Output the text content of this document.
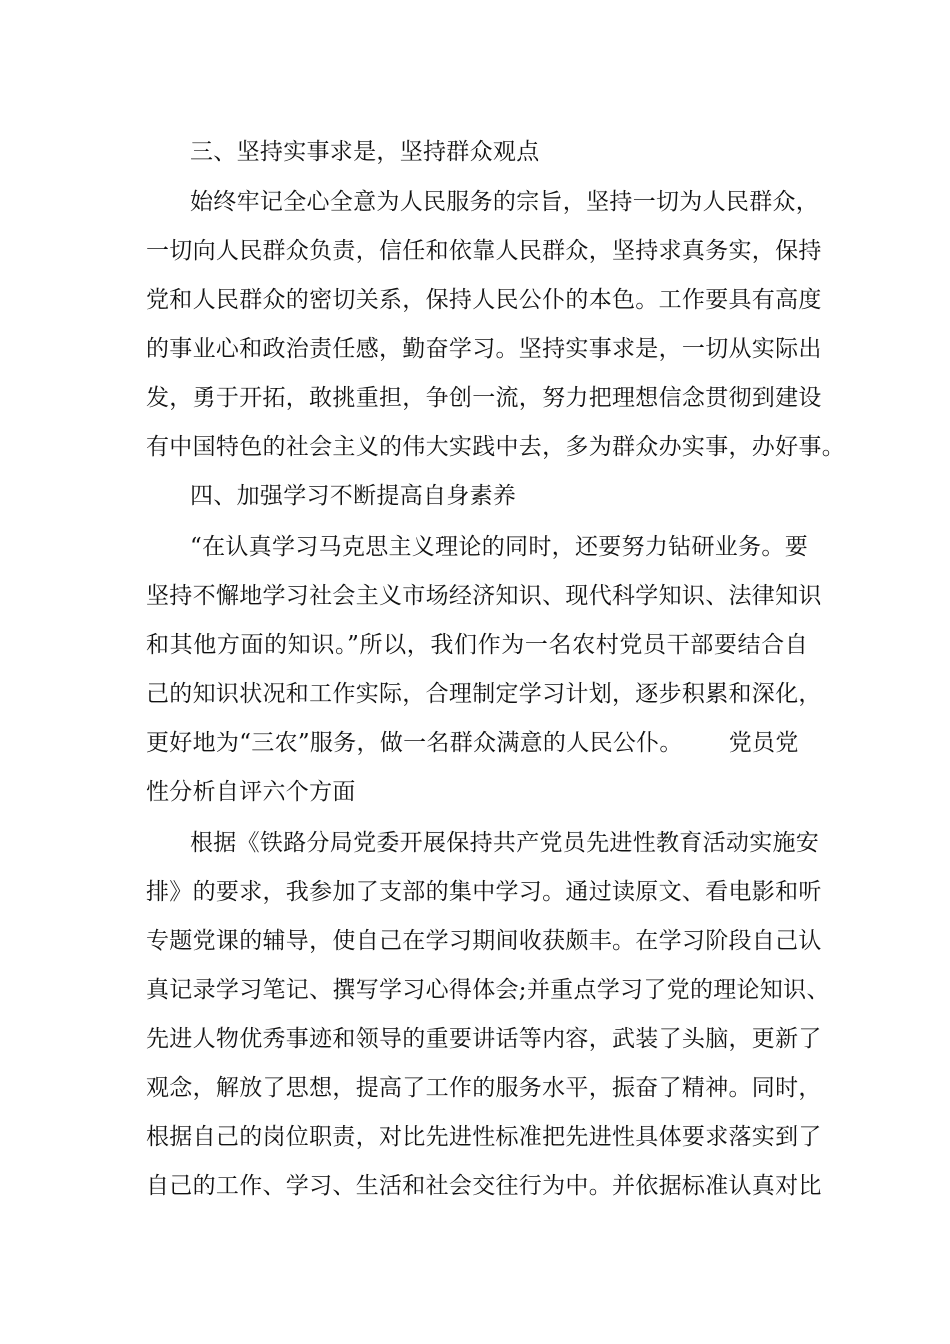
三、坚持实事求是，坚持群众观点
始终牢记全心全意为人民服务的宗旨，坚持一切为人民群众，
一切向人民群众负责，信任和依靠人民群众，坚持求真务实，保持
党和人民群众的密切关系，保持人民公仆的本色。工作要具有高度
的事业心和政治责任感，勤奋学习。坚持实事求是，一切从实际出
发，勇于开拓，敢挑重担，争创一流，努力把理想信念贯彻到建设
有中国特色的社会主义的伟大实践中去，多为群众办实事，办好事。
四、加强学习不断提高自身素养
“在认真学习马克思主义理论的同时，还要努力钻研业务。要
坚持不懈地学习社会主义市场经济知识、现代科学知识、法律知识
和其他方面的知识。”所以，我们作为一名农村党员干部要结合自
己的知识状况和工作实际，合理制定学习计划，逐步积累和深化，
更好地为“三农”服务，做一名群众满意的人民公仆。 党员党
性分析自评六个方面
根据《铁路分局党委开展保持共产党员先进性教育活动实施安
排》的要求，我参加了支部的集中学习。通过读原文、看电影和听
专题党课的辅导，使自己在学习期间收获颇丰。在学习阶段自己认
真记录学习笔记、撰写学习心得体会;并重点学习了党的理论知识、
先进人物优秀事迹和领导的重要讲话等内容，武装了头脑，更新了
观念，解放了思想，提高了工作的服务水平，振奋了精神。同时，
根据自己的岗位职责，对比先进性标准把先进性具体要求落实到了
自己的工作、学习、生活和社会交往行为中。并依据标准认真对比
